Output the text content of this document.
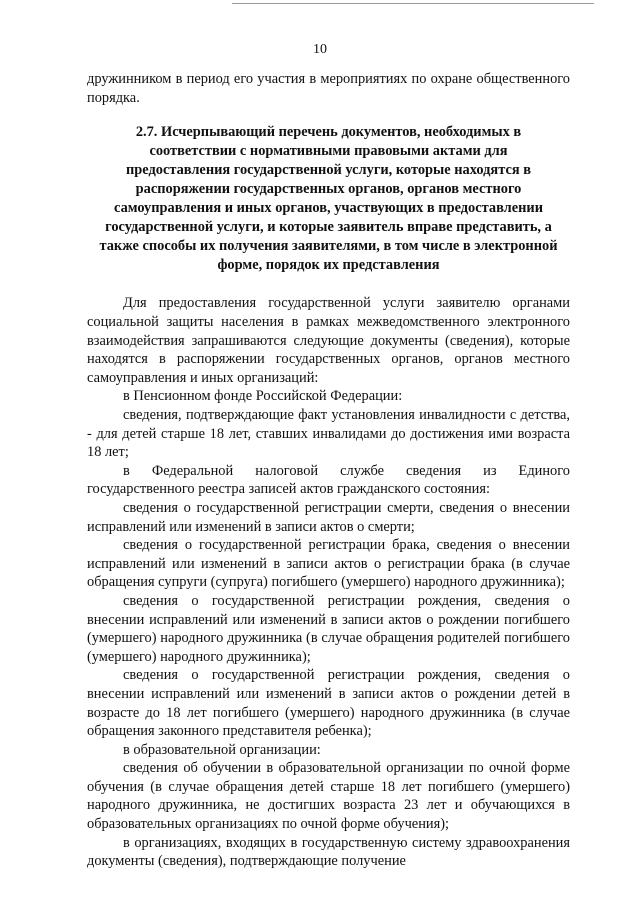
10

дружинником в период его участия в мероприятиях по охране общественного порядка.

2.7. Исчерпывающий перечень документов, необходимых в
соответствии с нормативными правовыми актами для
предоставления государственной услуги, которые находятся в
распоряжении государственных органов, органов местного
самоуправления и иных органов, участвующих в предоставлении
государственной услуги, и которые заявитель вправе представить, а
также способы их получения заявителями, в том числе в электронной
форме, порядок их представления

Для предоставления государственной услуги заявителю органами социальной защиты населения в рамках межведомственного электронного взаимодействия запрашиваются следующие документы (сведения), которые находятся в распоряжении государственных органов, органов местного самоуправления и иных организаций:

в Пенсионном фонде Российской Федерации:

сведения, подтверждающие факт установления инвалидности с детства, - для детей старше 18 лет, ставших инвалидами до достижения ими возраста 18 лет;

в Федеральной налоговой службе сведения из Единого государственного реестра записей актов гражданского состояния:

сведения о государственной регистрации смерти, сведения о внесении исправлений или изменений в записи актов о смерти;

сведения о государственной регистрации брака, сведения о внесении исправлений или изменений в записи актов о регистрации брака (в случае обращения супруги (супруга) погибшего (умершего) народного дружинника);

сведения о государственной регистрации рождения, сведения о внесении исправлений или изменений в записи актов о рождении погибшего (умершего) народного дружинника (в случае обращения родителей погибшего (умершего) народного дружинника);

сведения о государственной регистрации рождения, сведения о внесении исправлений или изменений в записи актов о рождении детей в возрасте до 18 лет погибшего (умершего) народного дружинника (в случае обращения законного представителя ребенка);

в образовательной организации:

сведения об обучении в образовательной организации по очной форме обучения (в случае обращения детей старше 18 лет погибшего (умершего) народного дружинника, не достигших возраста 23 лет и обучающихся в образовательных организациях по очной форме обучения);

в организациях, входящих в государственную систему здравоохранения документы (сведения), подтверждающие получение
